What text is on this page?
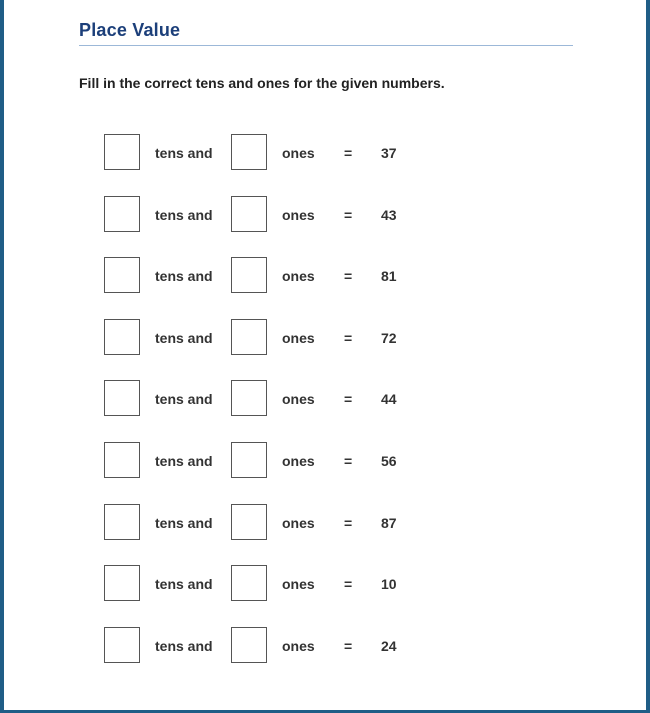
Place Value
Fill in the correct tens and ones for the given numbers.
tens and	ones = 37
tens and	ones = 43
tens and	ones = 81
tens and	ones = 72
tens and	ones = 44
tens and	ones = 56
tens and	ones = 87
tens and	ones = 10
tens and	ones = 24
